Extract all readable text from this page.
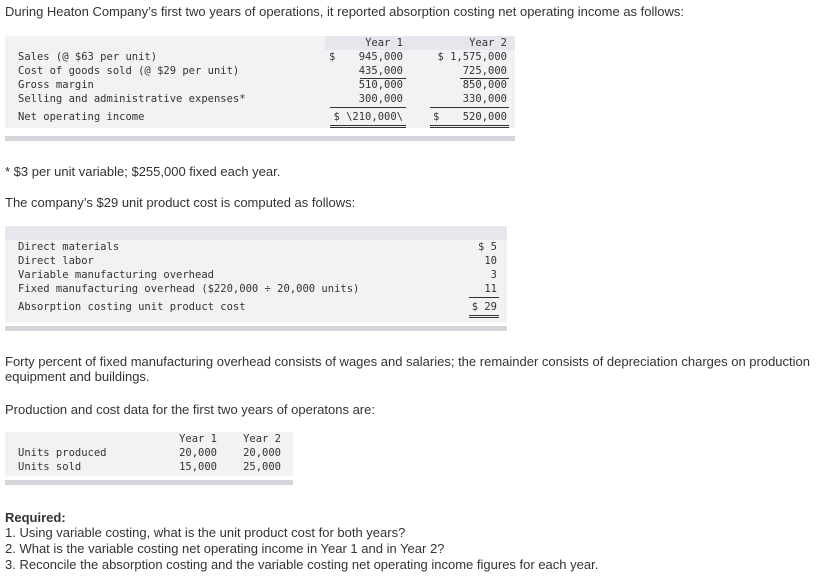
During Heaton Company’s first two years of operations, it reported absorption costing net operating income as follows:
Year 1	Year 2
Sales (@ $63 per unit)	$	945,000	$ 1,575,000
Cost of goods sold (@ $29 per unit)	435,000	725,000
Gross margin	510,000	850,000
Selling and administrative expenses*	300,000	330,000
Net operating income	$ \210,000\	$	520,000
* $3 per unit variable; $255,000 fixed each year.
The company’s $29 unit product cost is computed as follows:
Direct materials	$ 5
Direct labor	10
Variable manufacturing overhead	3
Fixed manufacturing overhead ($220,000 ÷ 20,000 units)	11
Absorption costing unit product cost	$ 29
Forty percent of fixed manufacturing overhead consists of wages and salaries; the remainder consists of depreciation charges on production equipment and buildings.
Production and cost data for the first two years of operatons are:
Year 1	Year 2
Units produced	20,000	20,000
Units sold	15,000	25,000
Required:
1. Using variable costing, what is the unit product cost for both years?
2. What is the variable costing net operating income in Year 1 and in Year 2?
3. Reconcile the absorption costing and the variable costing net operating income figures for each year.
